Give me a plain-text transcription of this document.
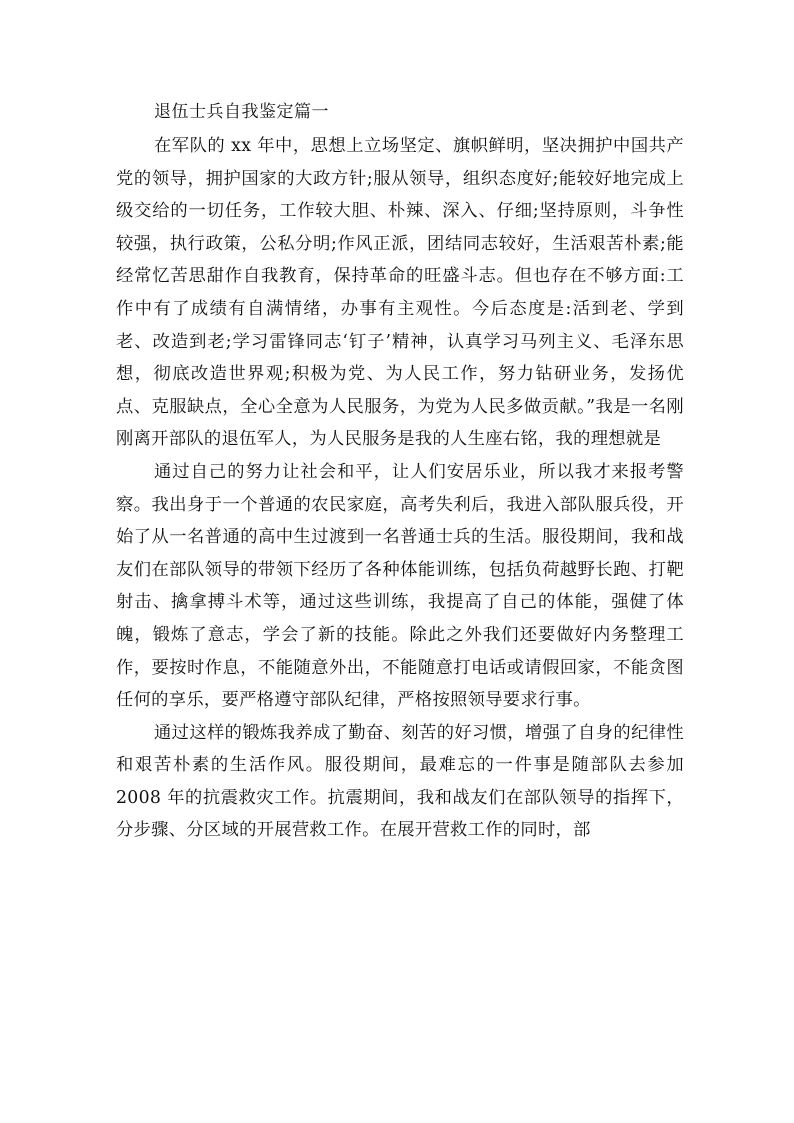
退伍士兵自我鉴定篇一

在军队的 xx 年中，思想上立场坚定、旗帜鲜明，坚决拥护中国共产党的领导，拥护国家的大政方针;服从领导，组织态度好;能较好地完成上级交给的一切任务，工作较大胆、朴辣、深入、仔细;坚持原则，斗争性较强，执行政策，公私分明;作风正派，团结同志较好，生活艰苦朴素;能经常忆苦思甜作自我教育，保持革命的旺盛斗志。但也存在不够方面:工作中有了成绩有自满情绪，办事有主观性。今后态度是:活到老、学到老、改造到老;学习雷锋同志‘钉子’精神，认真学习马列主义、毛泽东思想，彻底改造世界观;积极为党、为人民工作，努力钻研业务，发扬优点、克服缺点，全心全意为人民服务，为党为人民多做贡献。”我是一名刚刚离开部队的退伍军人，为人民服务是我的人生座右铭，我的理想就是

通过自己的努力让社会和平，让人们安居乐业，所以我才来报考警察。我出身于一个普通的农民家庭，高考失利后，我进入部队服兵役，开始了从一名普通的高中生过渡到一名普通士兵的生活。服役期间，我和战友们在部队领导的带领下经历了各种体能训练，包括负荷越野长跑、打靶射击、擒拿搏斗术等，通过这些训练，我提高了自己的体能，强健了体魄，锻炼了意志，学会了新的技能。除此之外我们还要做好内务整理工作，要按时作息，不能随意外出，不能随意打电话或请假回家，不能贪图任何的享乐，要严格遵守部队纪律，严格按照领导要求行事。

通过这样的锻炼我养成了勤奋、刻苦的好习惯，增强了自身的纪律性和艰苦朴素的生活作风。服役期间，最难忘的一件事是随部队去参加 2008 年的抗震救灾工作。抗震期间，我和战友们在部队领导的指挥下，分步骤、分区域的开展营救工作。在展开营救工作的同时，部
